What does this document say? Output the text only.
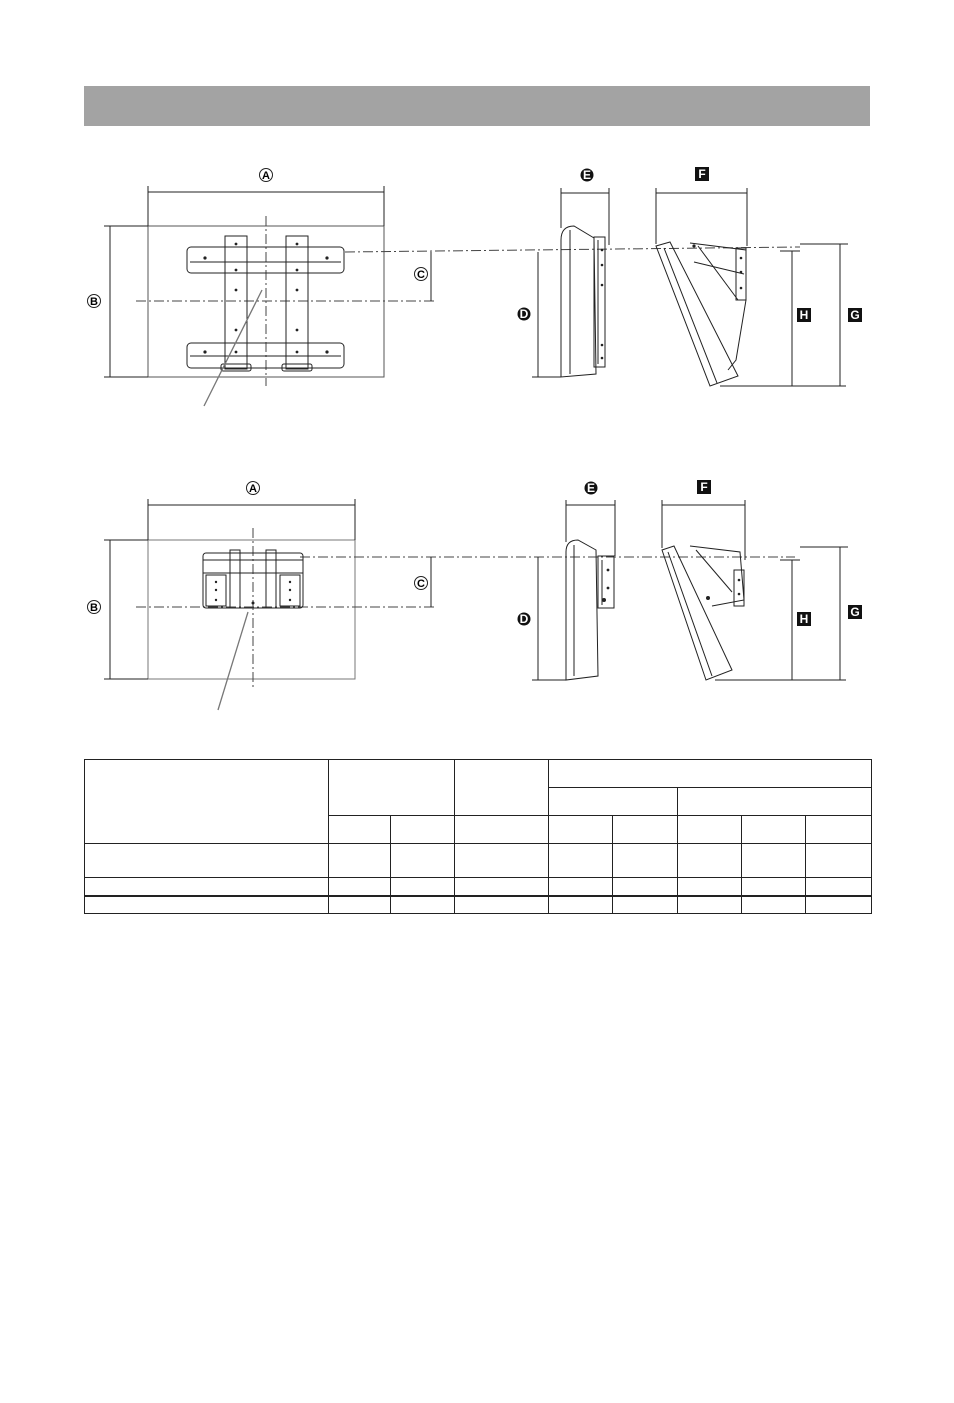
A
B
C
D
E	F
H	G
A
B
C
D
E	F
H	G
